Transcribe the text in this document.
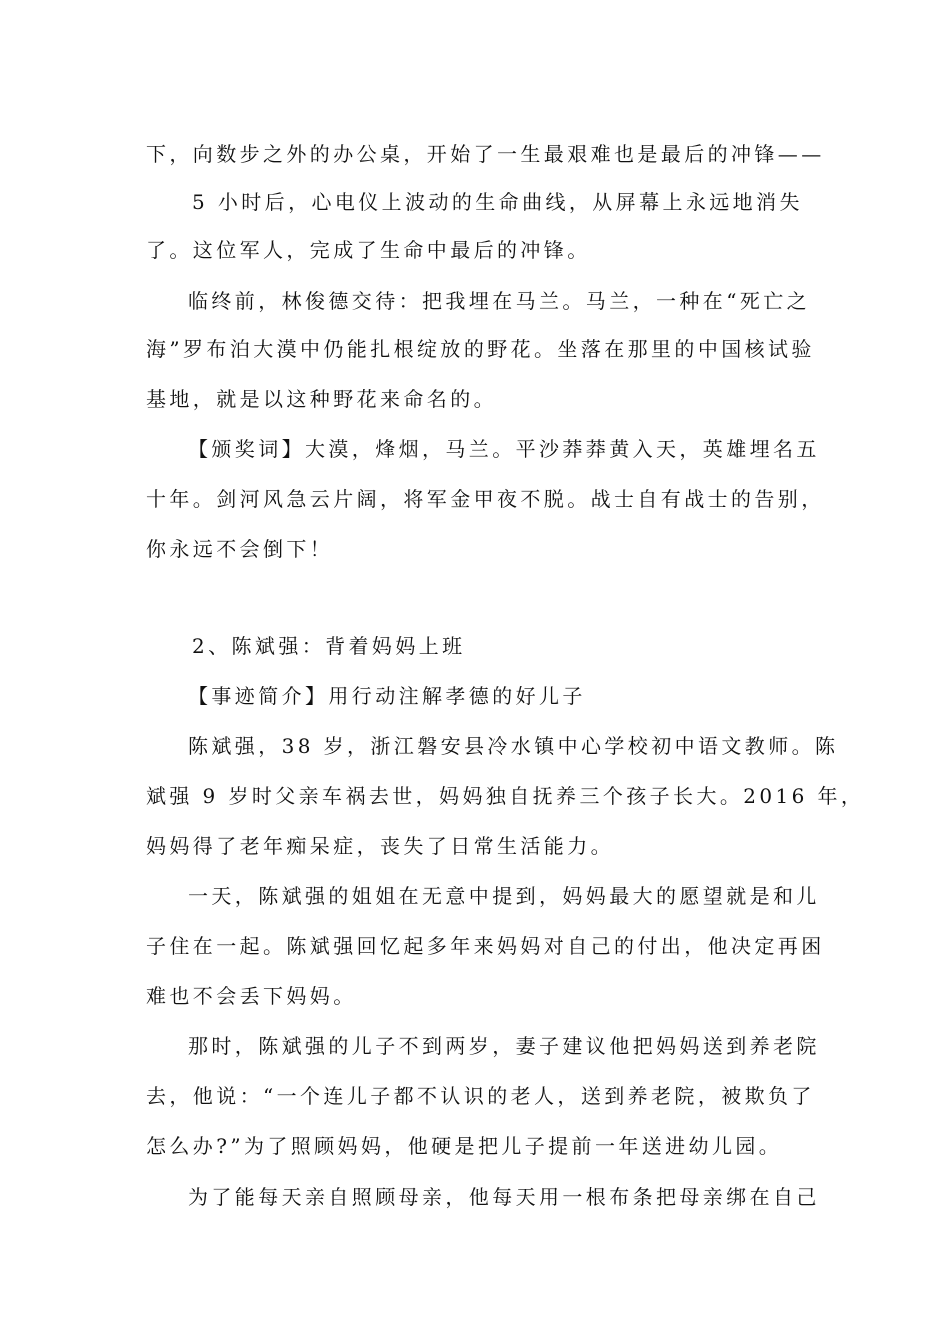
下，向数步之外的办公桌，开始了一生最艰难也是最后的冲锋——
5 小时后，心电仪上波动的生命曲线，从屏幕上永远地消失
了。这位军人，完成了生命中最后的冲锋。
临终前，林俊德交待：把我埋在马兰。马兰，一种在“死亡之
海”罗布泊大漠中仍能扎根绽放的野花。坐落在那里的中国核试验
基地，就是以这种野花来命名的。
【颁奖词】大漠，烽烟，马兰。平沙莽莽黄入天，英雄埋名五
十年。剑河风急云片阔，将军金甲夜不脱。战士自有战士的告别，
你永远不会倒下！
2、陈斌强：背着妈妈上班
【事迹简介】用行动注解孝德的好儿子
陈斌强，38 岁，浙江磐安县冷水镇中心学校初中语文教师。陈
斌强 9 岁时父亲车祸去世，妈妈独自抚养三个孩子长大。2016 年，
妈妈得了老年痴呆症，丧失了日常生活能力。
一天，陈斌强的姐姐在无意中提到，妈妈最大的愿望就是和儿
子住在一起。陈斌强回忆起多年来妈妈对自己的付出，他决定再困
难也不会丢下妈妈。
那时，陈斌强的儿子不到两岁，妻子建议他把妈妈送到养老院
去，他说：“一个连儿子都不认识的老人，送到养老院，被欺负了
怎么办?”为了照顾妈妈，他硬是把儿子提前一年送进幼儿园。
为了能每天亲自照顾母亲，他每天用一根布条把母亲绑在自己
